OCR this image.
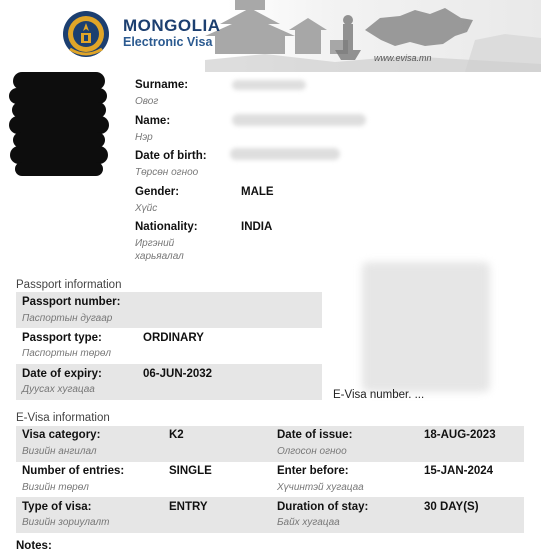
MONGOLIA
Electronic Visa
www.evisa.mn
Surname:
Овог
Name:
Нэр
Date of birth:
Төрсөн огноо
Gender:
Хүйс
MALE
Nationality:
Иргэний
харьяалал
INDIA
Passport information
Passport number:
Паспортын дугаар
Passport type:
Паспортын төрөл
ORDINARY
Date of expiry:
Дуусах хугацаа
06-JUN-2032
E-Visa number. ...
E-Visa information
Visa category:
Визийн ангилал
K2	Date of issue:
Олгосон огноо
18-AUG-2023
Number of entries:
Визийн төрөл
SINGLE	Enter before:
Хүчинтэй хугацаа
15-JAN-2024
Type of visa:
Визийн зориулалт
ENTRY	Duration of stay:
Байх хугацаа
30 DAY(S)
Notes:
